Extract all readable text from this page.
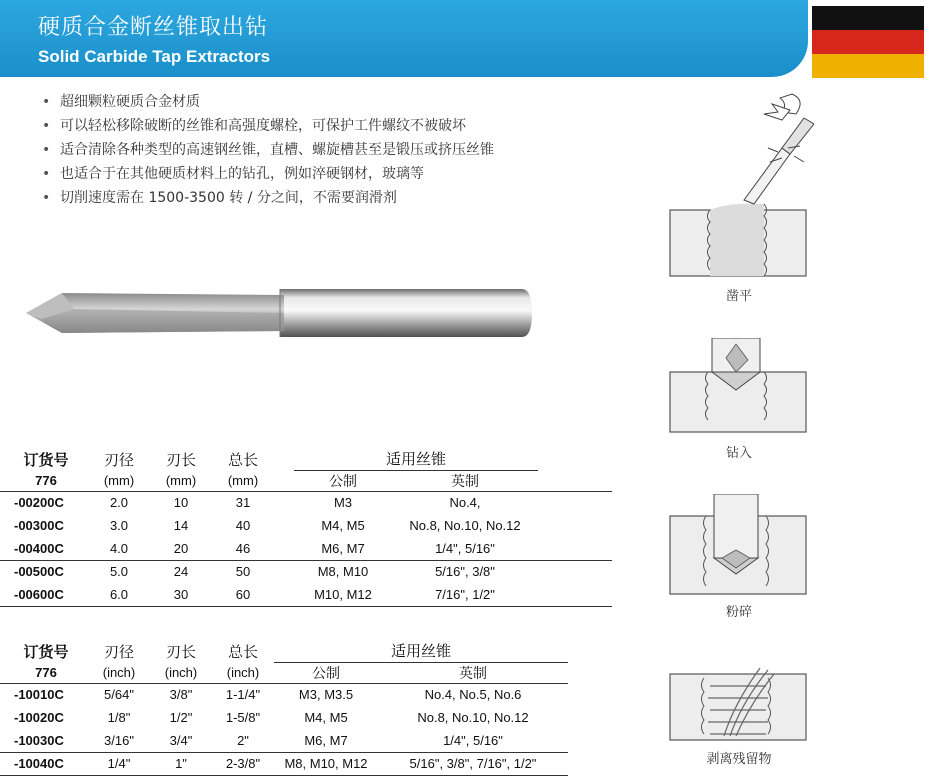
硬质合金断丝锥取出钻
Solid Carbide Tap Extractors
• 超细颗粒硬质合金材质
• 可以轻松移除破断的丝锥和高强度螺栓，可保护工件螺纹不被破坏
• 适合清除各种类型的高速钢丝锥，直槽、螺旋槽甚至是锻压或挤压丝锥
• 也适合于在其他硬质材料上的钻孔，例如淬硬钢材，玻璃等
• 切削速度需在 1500-3500 转 / 分之间，不需要润滑剂
订货号	刃径	刃长	总长		适用丝锥		
776	(mm)	(mm)	(mm)		公制	英制	
-00200C	2.0	10	31		M3	No.4,	
-00300C	3.0	14	40		M4, M5	No.8, No.10, No.12	
-00400C	4.0	20	46		M6, M7	1/4", 5/16"	
-00500C	5.0	24	50		M8, M10	5/16", 3/8"	
-00600C	6.0	30	60		M10, M12	7/16", 1/2"	
订货号	刃径	刃长	总长	适用丝锥	
776	(inch)	(inch)	(inch)	公制	英制
-10010C	5/64"	3/8"	1-1/4"	M3, M3.5	No.4, No.5, No.6
-10020C	1/8"	1/2"	1-5/8"	M4, M5	No.8, No.10, No.12
-10030C	3/16"	3/4"	2"	M6, M7	1/4", 5/16"
-10040C	1/4"	1"	2-3/8"	M8, M10, M12	5/16", 3/8", 7/16", 1/2"
凿平
钻入
粉碎
剥离残留物
